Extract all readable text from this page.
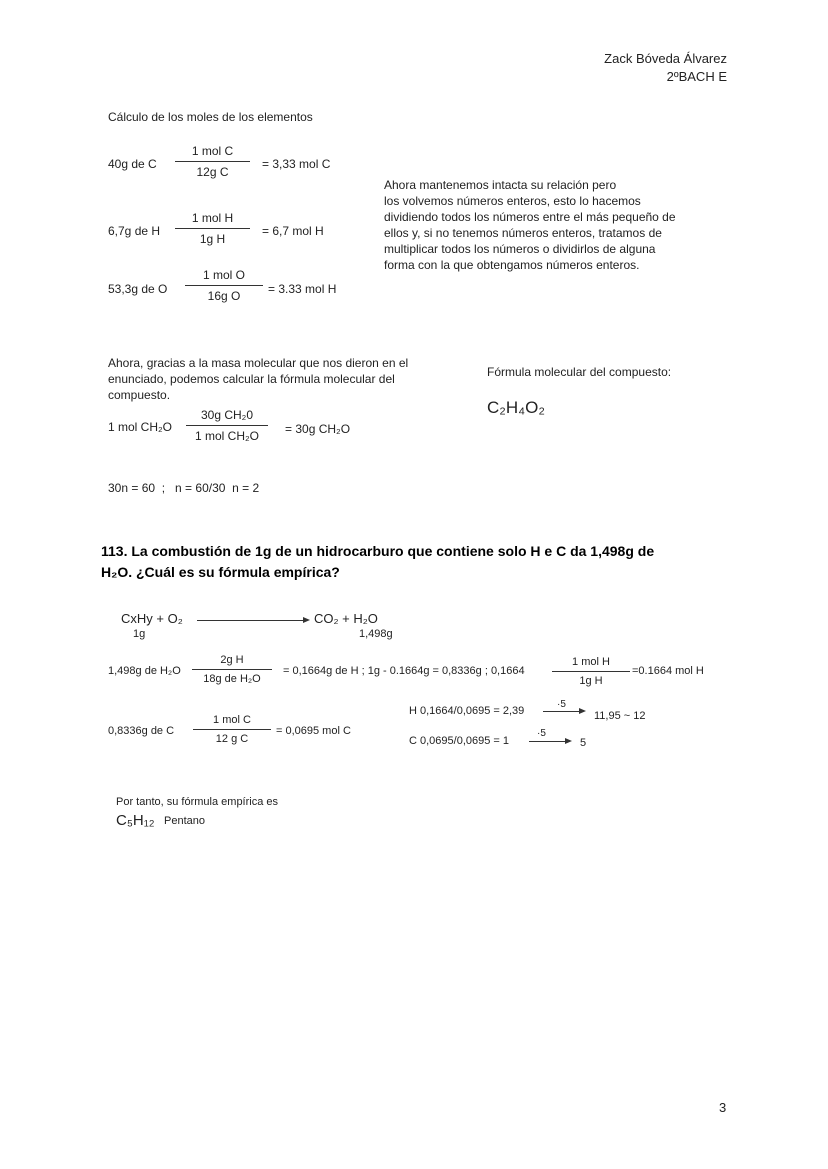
Zack Bóveda Álvarez
2ºBACH E
Cálculo de los moles de los elementos
40g de C
1 mol C
12g C
= 3,33 mol C
6,7g de H
1 mol H
1g H
= 6,7 mol H
53,3g de O
1 mol O
16g O	= 3.33 mol H
Ahora mantenemos intacta su relación pero
los volvemos números enteros, esto lo hacemos
dividiendo todos los números entre el más pequeño de
ellos y, si no tenemos números enteros, tratamos de
multiplicar todos los números o dividirlos de alguna
forma con la que obtengamos números enteros.
Ahora, gracias a la masa molecular que nos dieron en el
enunciado, podemos calcular la fórmula molecular del
compuesto.
1 mol CH₂O
30g CH₂0
1 mol CH₂O	= 30g CH₂O
30n = 60  ;   n = 60/30  n = 2
Fórmula molecular del compuesto:
C₂H₄O₂
113. La combustión de 1g de un hidrocarburo que contiene solo H e C da 1,498g de
H₂O. ¿Cuál es su fórmula empírica?
CxHy + O₂	CO₂ + H₂O
1g	1,498g
1,498g de H₂O
2g H
18g de H₂O
= 0,1664g de H ; 1g - 0.1664g = 0,8336g ; 0,1664
1 mol H
1g H
=0.1664 mol H
0,8336g de C
1 mol C
12 g C
= 0,0695 mol C
H 0,1664/0,0695 = 2,39
·5
11,95 ~ 12
C 0,0695/0,0695 = 1
·5
5
Por tanto, su fórmula empírica es
C₅H₁₂ Pentano
3
